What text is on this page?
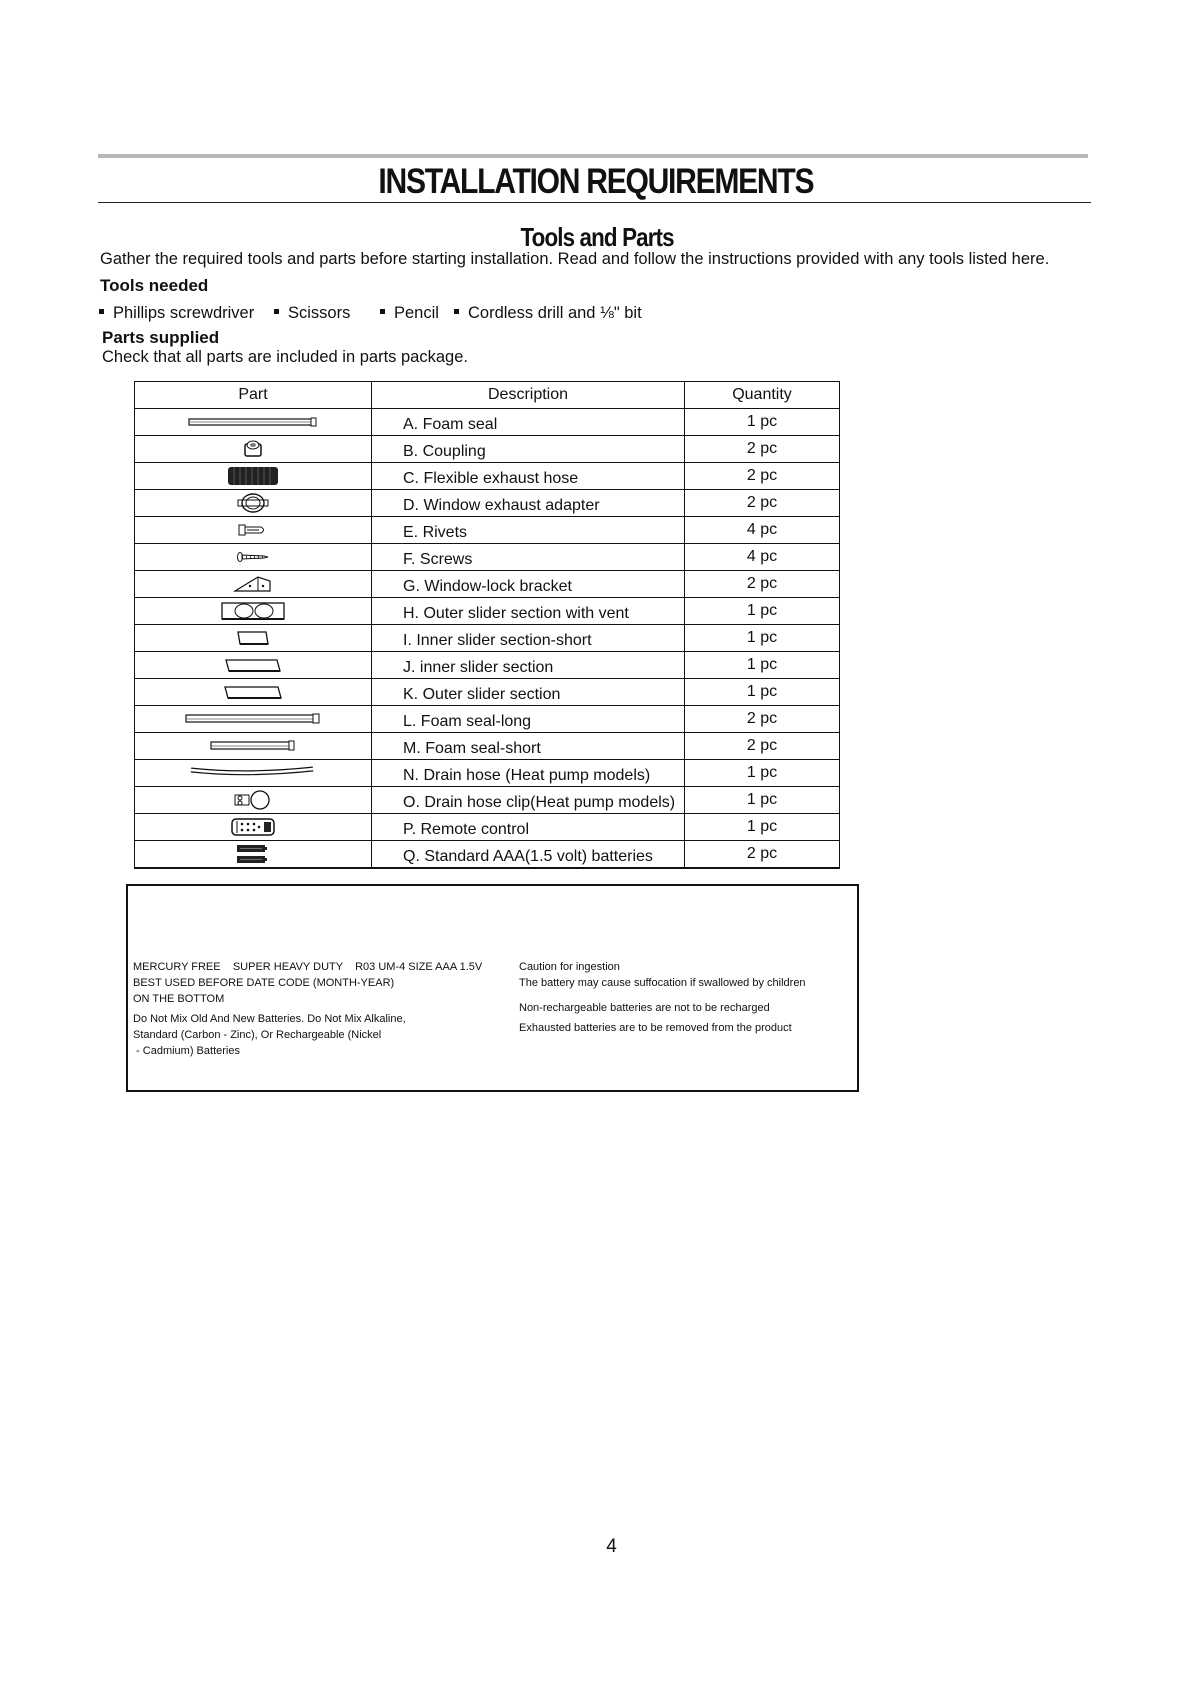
INSTALLATION REQUIREMENTS
Tools and Parts
Gather the required tools and parts before starting installation. Read and follow the instructions provided with any tools listed here.
Tools needed
Phillips screwdriver	Scissors	Pencil	Cordless drill and ⅛" bit
Parts supplied
Check that all parts are included in parts package.
Part	Description	Quantity
	A. Foam seal	1 pc
	B. Coupling	2 pc
	C. Flexible exhaust hose	2 pc
	D. Window exhaust adapter	2 pc
	E. Rivets	4 pc
	F. Screws	4 pc
	G. Window-lock bracket	2 pc
	H. Outer slider section with vent	1 pc
	I. Inner slider section-short	1 pc
	J. inner slider section	1 pc
	K. Outer slider section	1 pc
	L. Foam seal-long	2 pc
	M. Foam seal-short	2 pc
	N. Drain hose (Heat pump models)	1 pc
	O. Drain hose clip(Heat pump models)	1 pc
	P. Remote control	1 pc
	Q. Standard AAA(1.5 volt) batteries	2 pc
MERCURY FREE    SUPER HEAVY DUTY    R03 UM-4 SIZE AAA 1.5V
BEST USED BEFORE DATE CODE (MONTH-YEAR)
ON THE BOTTOM
Do Not Mix Old And New Batteries. Do Not Mix Alkaline,
Standard (Carbon - Zinc), Or Rechargeable (Nickel
- Cadmium) Batteries
Caution for ingestion
The battery may cause suffocation if swallowed by children
Non-rechargeable batteries are not to be recharged
Exhausted batteries are to be removed from the product
4
